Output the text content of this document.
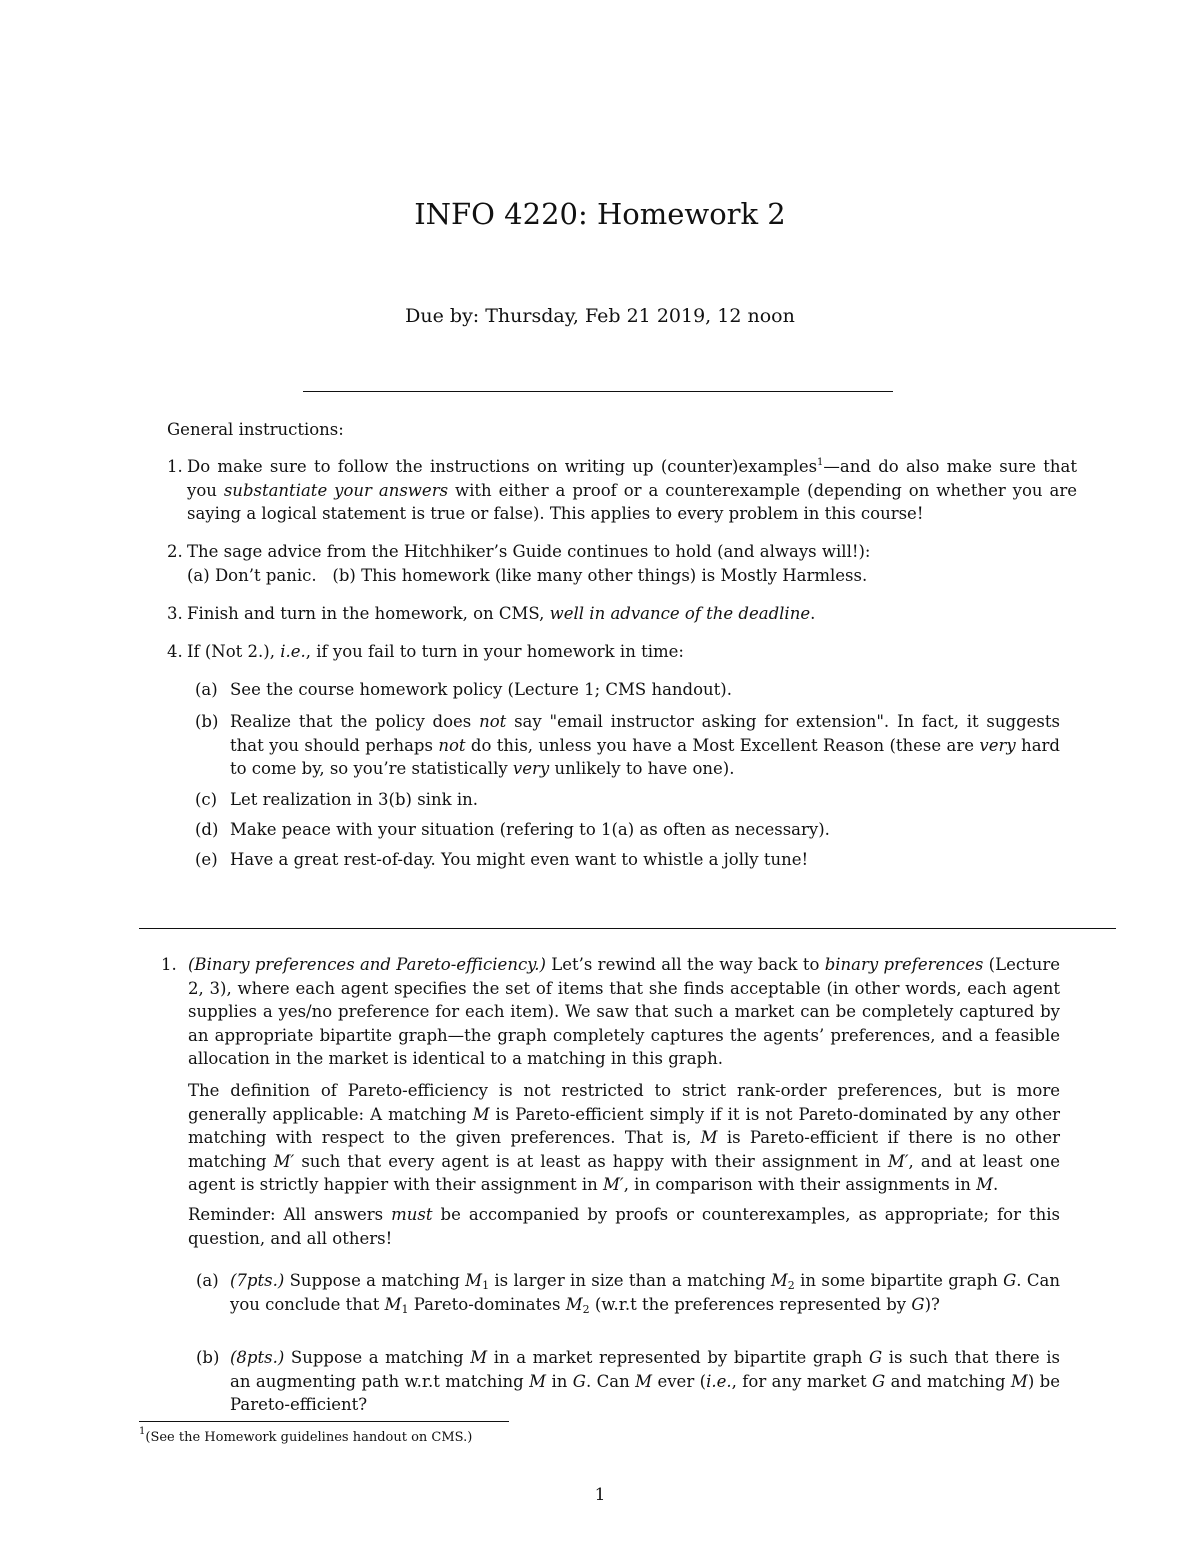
INFO 4220: Homework 2
Due by: Thursday, Feb 21 2019, 12 noon
General instructions:
1. Do make sure to follow the instructions on writing up (counter)examples$^1$—and do also make sure that you substantiate your answers with either a proof or a counterexample (depending on whether you are saying a logical statement is true or false). This applies to every problem in this course!
2. The sage advice from the Hitchhiker’s Guide continues to hold (and always will!):
(a) Don’t panic.   (b) This homework (like many other things) is Mostly Harmless.
3. Finish and turn in the homework, on CMS, well in advance of the deadline.
4. If (Not 2.), i.e., if you fail to turn in your homework in time:
(a) See the course homework policy (Lecture 1; CMS handout).
(b) Realize that the policy does not say "email instructor asking for extension". In fact, it suggests that you should perhaps not do this, unless you have a Most Excellent Reason (these are very hard to come by, so you’re statistically very unlikely to have one).
(c) Let realization in 3(b) sink in.
(d) Make peace with your situation (refering to 1(a) as often as necessary).
(e) Have a great rest-of-day. You might even want to whistle a jolly tune!
1. (Binary preferences and Pareto-efficiency.) Let’s rewind all the way back to binary preferences (Lecture 2, 3), where each agent specifies the set of items that she finds acceptable (in other words, each agent supplies a yes/no preference for each item). We saw that such a market can be completely captured by an appropriate bipartite graph—the graph completely captures the agents’ preferences, and a feasible allocation in the market is identical to a matching in this graph.
The definition of Pareto-efficiency is not restricted to strict rank-order preferences, but is more generally applicable: A matching M is Pareto-efficient simply if it is not Pareto-dominated by any other matching with respect to the given preferences. That is, M is Pareto-efficient if there is no other matching M′ such that every agent is at least as happy with their assignment in M′, and at least one agent is strictly happier with their assignment in M′, in comparison with their assignments in M.
Reminder: All answers must be accompanied by proofs or counterexamples, as appropriate; for this question, and all others!
(a) (7pts.) Suppose a matching $M_1$ is larger in size than a matching $M_2$ in some bipartite graph G. Can you conclude that $M_1$ Pareto-dominates $M_2$ (w.r.t the preferences represented by G)?
(b) (8pts.) Suppose a matching M in a market represented by bipartite graph G is such that there is an augmenting path w.r.t matching M in G. Can M ever (i.e., for any market G and matching M) be Pareto-efficient?
$^1$(See the Homework guidelines handout on CMS.)
1
